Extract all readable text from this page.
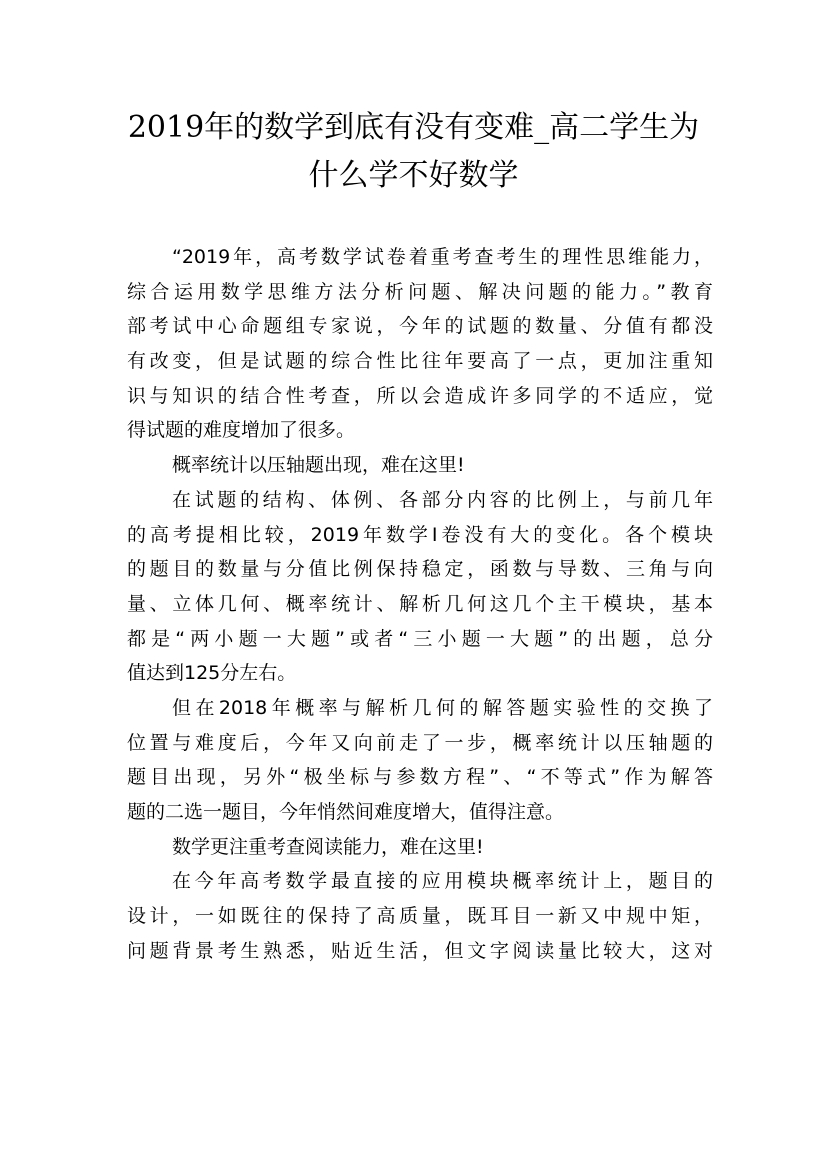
2019年的数学到底有没有变难_高二学生为
什么学不好数学

“2019年，高考数学试卷着重考查考生的理性思维能力，
综合运用数学思维方法分析问题、解决问题的能力。”教育
部考试中心命题组专家说，今年的试题的数量、分值有都没
有改变，但是试题的综合性比往年要高了一点，更加注重知
识与知识的结合性考查，所以会造成许多同学的不适应，觉
得试题的难度增加了很多。

概率统计以压轴题出现，难在这里!

在试题的结构、体例、各部分内容的比例上，与前几年
的高考提相比较，2019年数学Ⅰ卷没有大的变化。各个模块
的题目的数量与分值比例保持稳定，函数与导数、三角与向
量、立体几何、概率统计、解析几何这几个主干模块，基本
都是“两小题一大题”或者“三小题一大题”的出题，总分
值达到125分左右。

但在2018年概率与解析几何的解答题实验性的交换了
位置与难度后，今年又向前走了一步，概率统计以压轴题的
题目出现，另外“极坐标与参数方程”、“不等式”作为解答
题的二选一题目，今年悄然间难度增大，值得注意。

数学更注重考查阅读能力，难在这里!

在今年高考数学最直接的应用模块概率统计上，题目的
设计，一如既往的保持了高质量，既耳目一新又中规中矩，
问题背景考生熟悉，贴近生活，但文字阅读量比较大，这对
